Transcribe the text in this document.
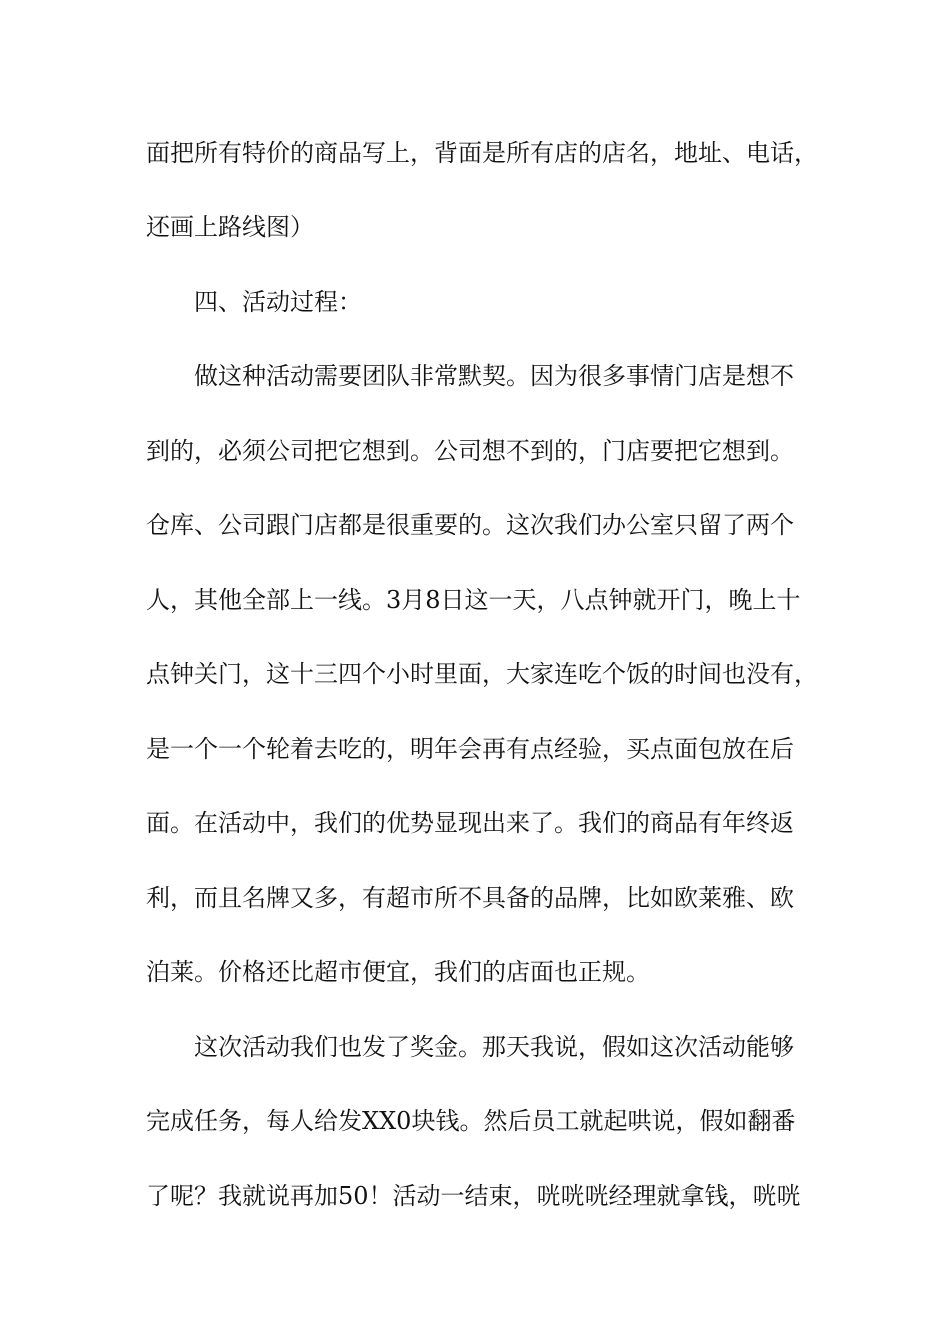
面把所有特价的商品写上，背面是所有店的店名，地址、电话，
还画上路线图）
四、活动过程：
做这种活动需要团队非常默契。因为很多事情门店是想不
到的，必须公司把它想到。公司想不到的，门店要把它想到。
仓库、公司跟门店都是很重要的。这次我们办公室只留了两个
人，其他全部上一线。3月8日这一天，八点钟就开门，晚上十
点钟关门，这十三四个小时里面，大家连吃个饭的时间也没有，
是一个一个轮着去吃的，明年会再有点经验，买点面包放在后
面。在活动中，我们的优势显现出来了。我们的商品有年终返
利，而且名牌又多，有超市所不具备的品牌，比如欧莱雅、欧
泊莱。价格还比超市便宜，我们的店面也正规。
这次活动我们也发了奖金。那天我说，假如这次活动能够
完成任务，每人给发XX0块钱。然后员工就起哄说，假如翻番
了呢？我就说再加50！活动一结束，咣咣咣经理就拿钱，咣咣
